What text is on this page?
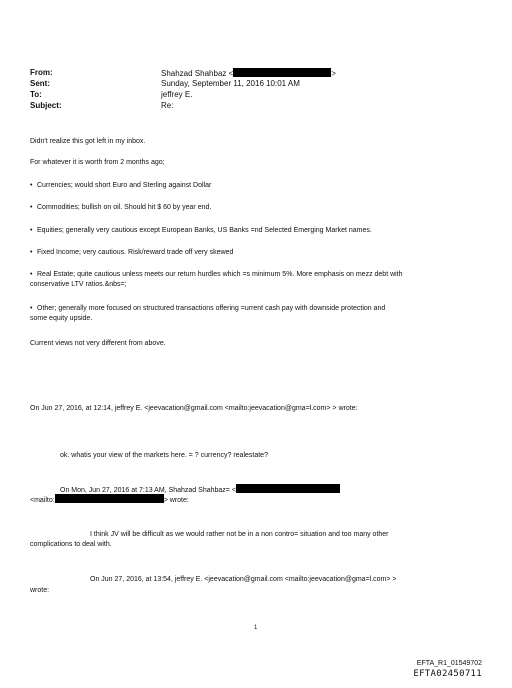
From:	Shahzad Shahbaz <	>
Sent:	Sunday, September 11, 2016 10:01 AM
To:	jeffrey E.
Subject:	Re:
Didn't realize this got left in my inbox.
For whatever it is worth from 2 months ago;
• Currencies; would short Euro and Sterling against Dollar
• Commodities; bullish on oil. Should hit $ 60 by year end.
• Equities; generally very cautious except European Banks, US Banks =nd Selected Emerging Market names.
• Fixed Income; very cautious. Risk/reward trade off very skewed
• Real Estate; quite cautious unless meets our return hurdles which =s minimum 5%. More emphasis on mezz debt with
conservative LTV ratios.&nbs=;
• Other; generally more focused on structured transactions offering =urrent cash pay with downside protection and
some equity upside.
Current views not very different from above.
On Jun 27, 2016, at 12:14, jeffrey E. <jeevacation@gmail.com <mailto:jeevacation@gma=l.com> > wrote:
ok. whatis your view of the markets here. = ? currency? realestate?
On Mon, Jun 27, 2016 at 7:13 AM, Shahzad Shahbaz= <
<mailto:	> wrote:
I think JV will be difficult as we would rather not be in a non contro= situation and too many other
complications to deal with.
On Jun 27, 2016, at 13:54, jeffrey E. <jeevacation@gmail.com <mailto:jeevacation@gma=l.com> >
wrote:
1
EFTA_R1_01549702
EFTA02450711
